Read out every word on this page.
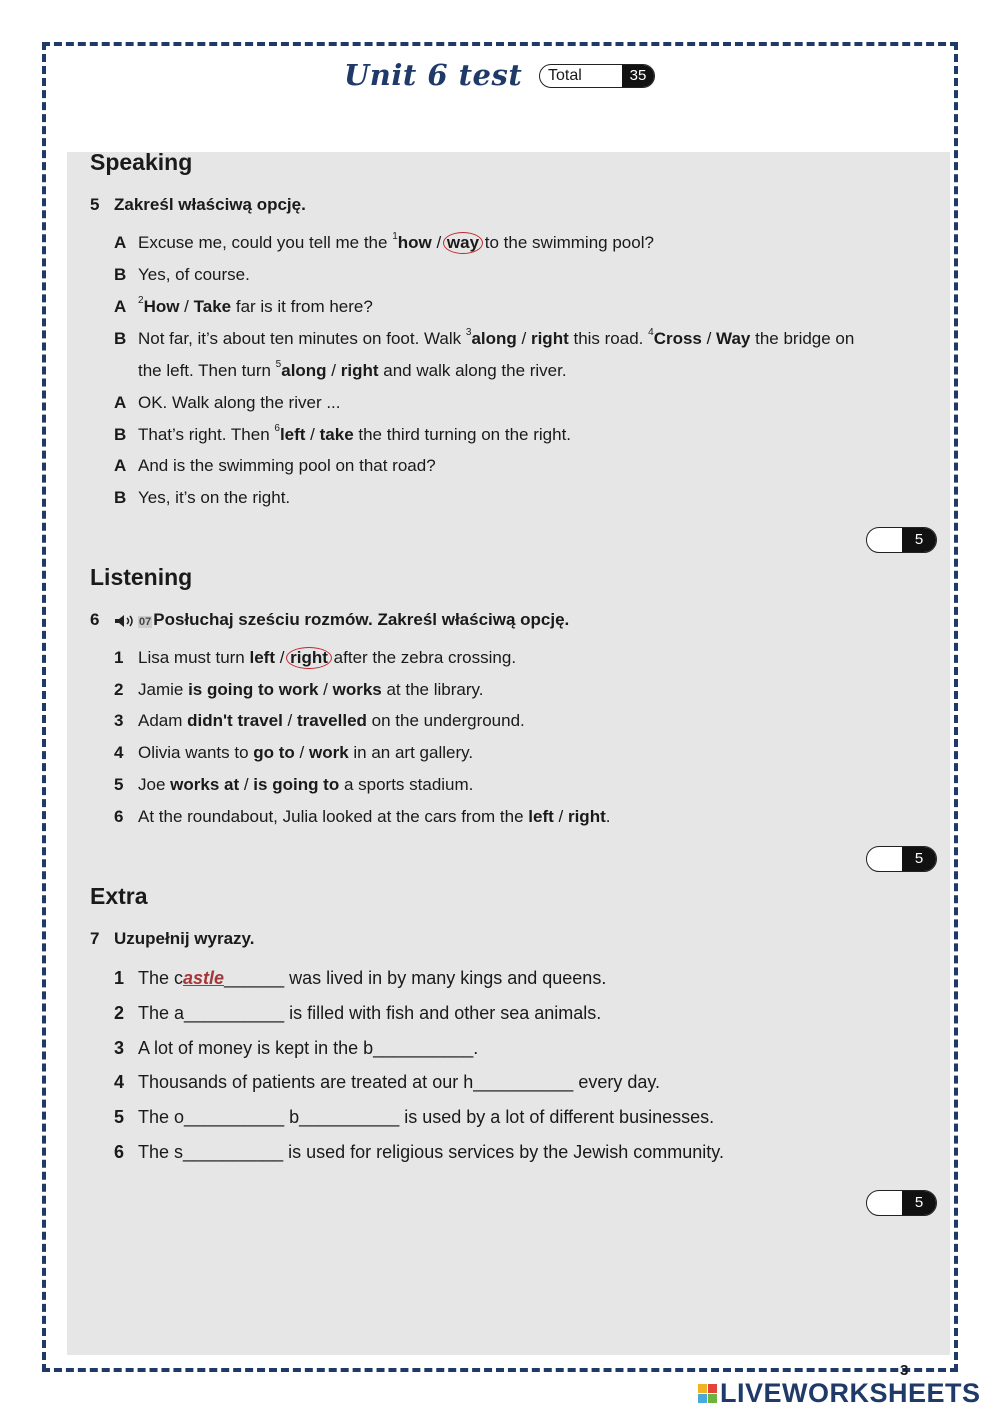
Unit 6 test Total	35
Speaking
5 Zakreśl właściwą opcję.
A Excuse me, could you tell me the $^1$how / way to the swimming pool?
B Yes, of course.
A $^2$How / Take far is it from here?
B Not far, it’s about ten minutes on foot. Walk $^3$along / right this road. $^4$Cross / Way the bridge on
the left. Then turn $^5$along / right and walk along the river.
A OK. Walk along the river ...
B That’s right. Then $^6$left / take the third turning on the right.
A And is the swimming pool on that road?
B Yes, it’s on the right.
5
Listening
6	07 Posłuchaj sześciu rozmów. Zakreśl właściwą opcję.
1 Lisa must turn left / right after the zebra crossing.
2 Jamie is going to work / works at the library.
3 Adam didn't travel / travelled on the underground.
4 Olivia wants to go to / work in an art gallery.
5 Joe works at / is going to a sports stadium.
6 At the roundabout, Julia looked at the cars from the left / right.
5
Extra
7 Uzupełnij wyrazy.
1 The castle______ was lived in by many kings and queens.
2 The a__________ is filled with fish and other sea animals.
3 A lot of money is kept in the b__________.
4 Thousands of patients are treated at our h__________ every day.
5 The o__________ b__________ is used by a lot of different businesses.
6 The s__________ is used for religious services by the Jewish community.
5
3
LIVEWORKSHEETS
